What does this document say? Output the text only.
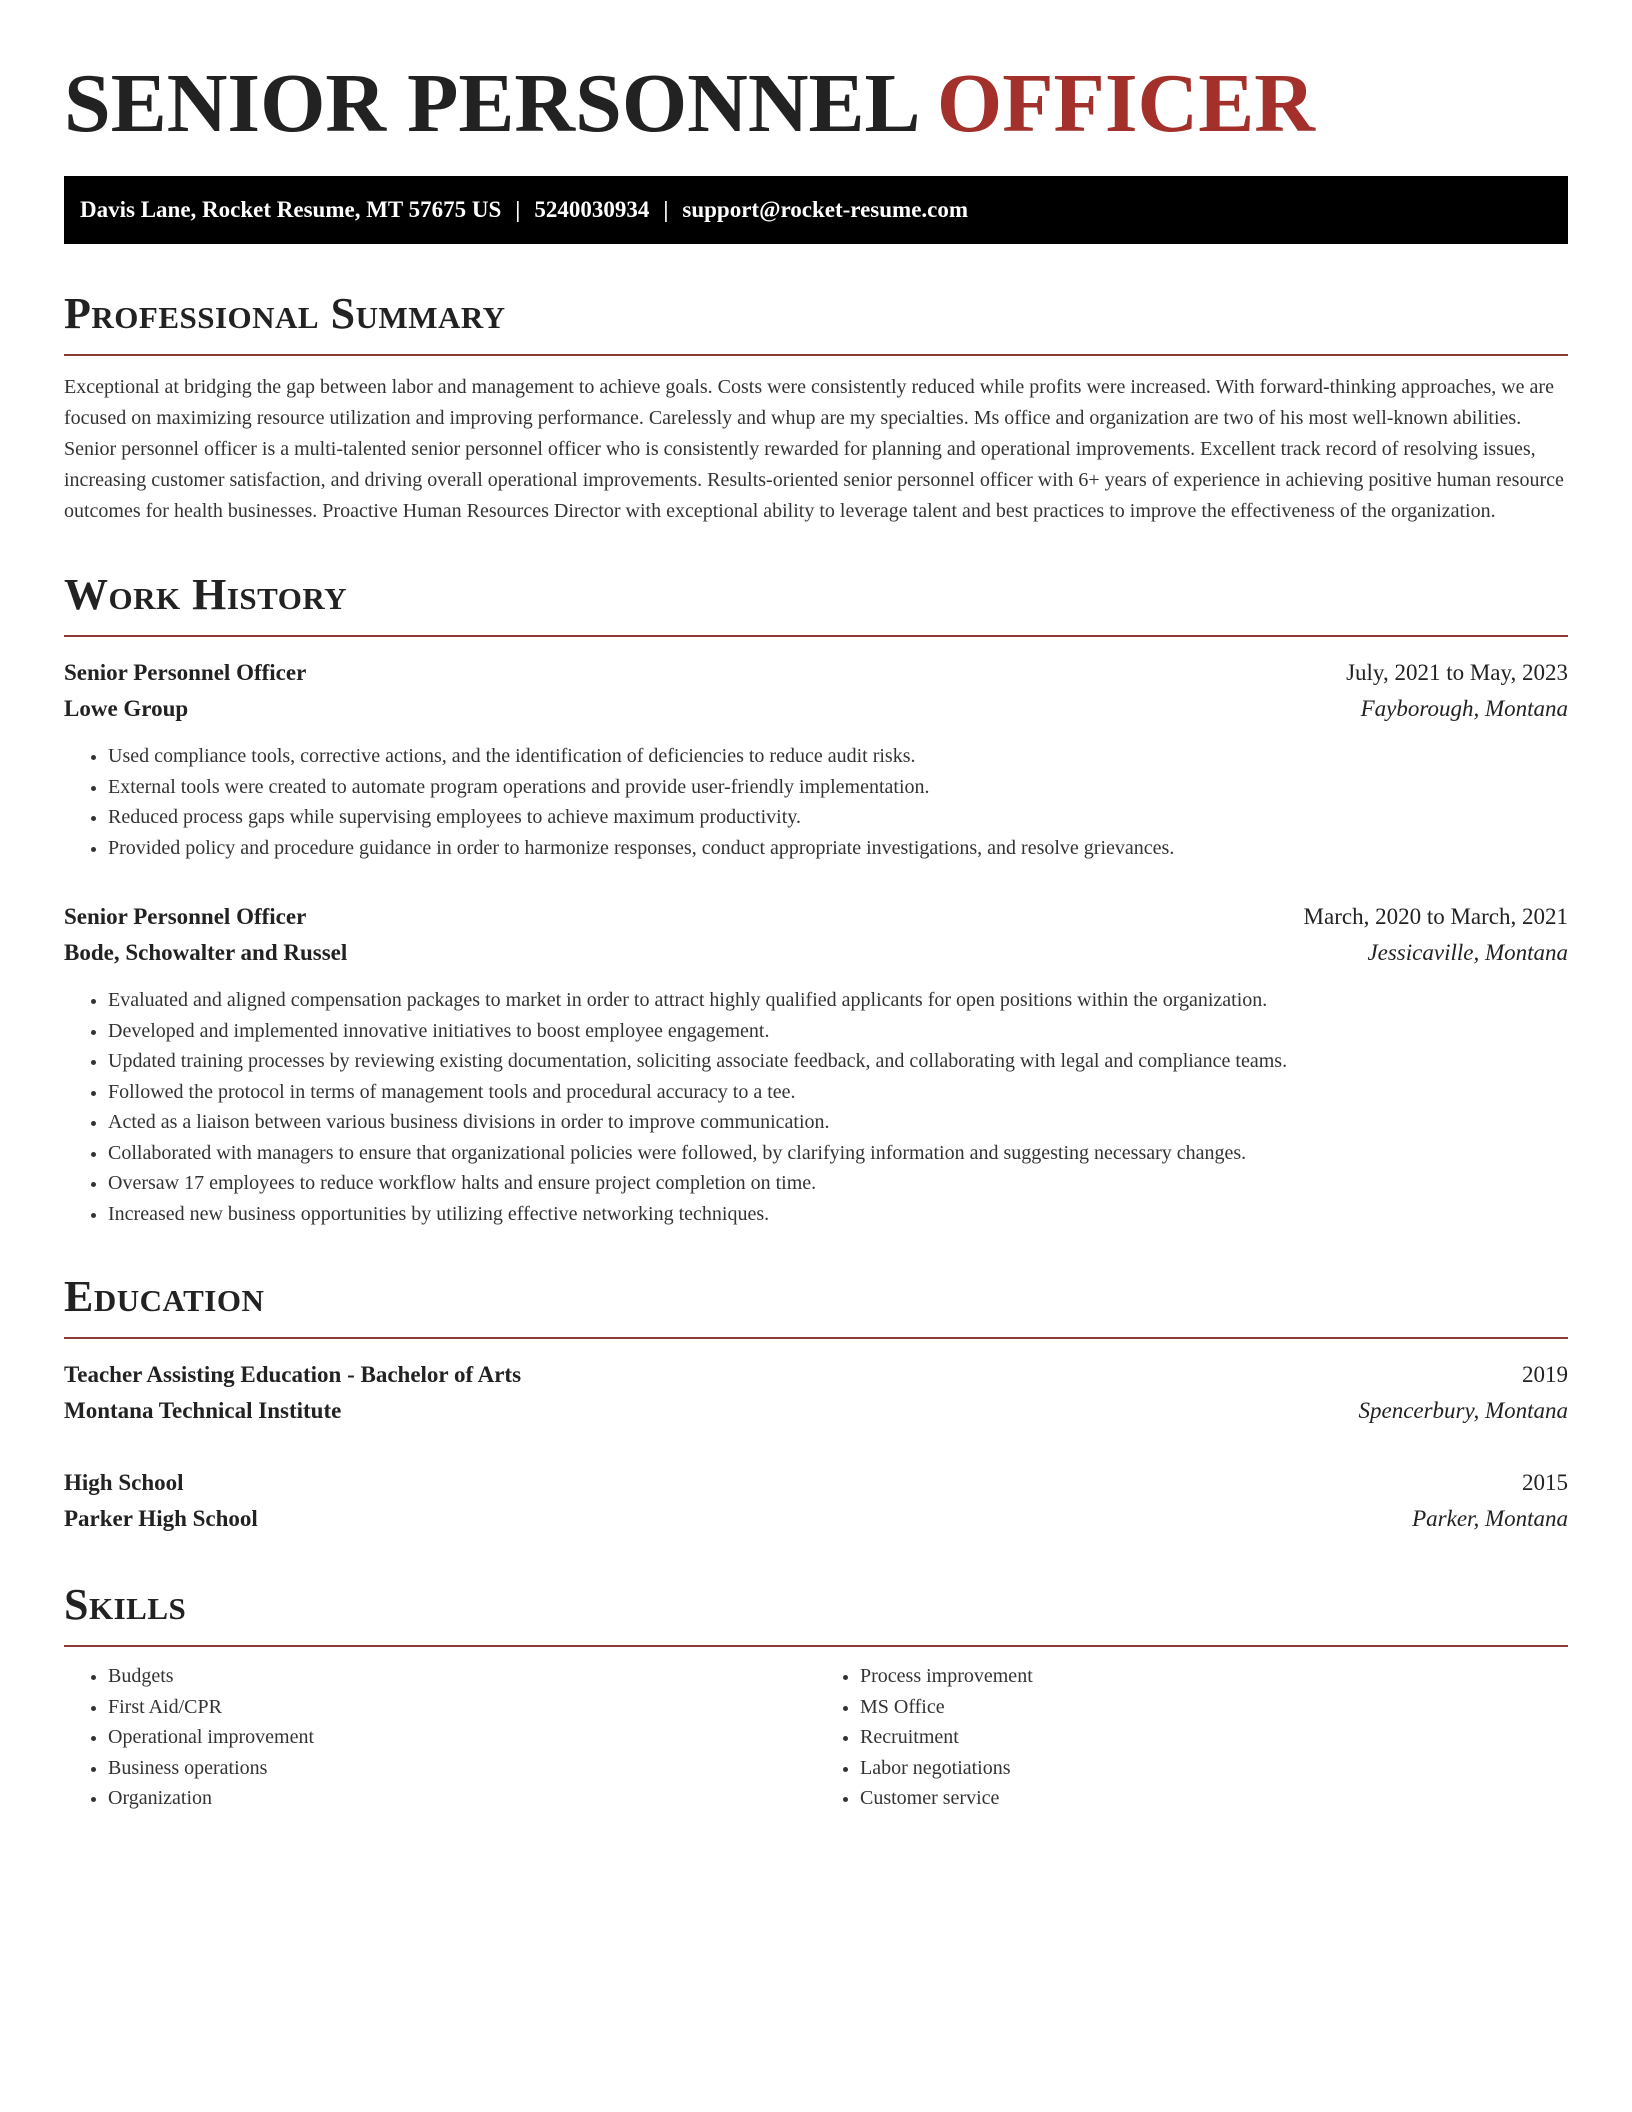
SENIOR PERSONNEL OFFICER
Davis Lane, Rocket Resume, MT 57675 US | 5240030934 | support@rocket-resume.com
Professional Summary

Exceptional at bridging the gap between labor and management to achieve goals. Costs were consistently reduced while profits were increased. With forward-thinking approaches, we are focused on maximizing resource utilization and improving performance. Carelessly and whup are my specialties. Ms office and organization are two of his most well-known abilities. Senior personnel officer is a multi-talented senior personnel officer who is consistently rewarded for planning and operational improvements. Excellent track record of resolving issues, increasing customer satisfaction, and driving overall operational improvements. Results-oriented senior personnel officer with 6+ years of experience in achieving positive human resource outcomes for health businesses. Proactive Human Resources Director with exceptional ability to leverage talent and best practices to improve the effectiveness of the organization.

Work History
Senior Personnel Officer	July, 2021 to May, 2023
Lowe Group	Fayborough, Montana
• Used compliance tools, corrective actions, and the identification of deficiencies to reduce audit risks.
• External tools were created to automate program operations and provide user-friendly implementation.
• Reduced process gaps while supervising employees to achieve maximum productivity.
• Provided policy and procedure guidance in order to harmonize responses, conduct appropriate investigations, and resolve grievances.
Senior Personnel Officer	March, 2020 to March, 2021
Bode, Schowalter and Russel	Jessicaville, Montana
• Evaluated and aligned compensation packages to market in order to attract highly qualified applicants for open positions within the organization.
• Developed and implemented innovative initiatives to boost employee engagement.
• Updated training processes by reviewing existing documentation, soliciting associate feedback, and collaborating with legal and compliance teams.
• Followed the protocol in terms of management tools and procedural accuracy to a tee.
• Acted as a liaison between various business divisions in order to improve communication.
• Collaborated with managers to ensure that organizational policies were followed, by clarifying information and suggesting necessary changes.
• Oversaw 17 employees to reduce workflow halts and ensure project completion on time.
• Increased new business opportunities by utilizing effective networking techniques.
Education
Teacher Assisting Education - Bachelor of Arts	2019
Montana Technical Institute	Spencerbury, Montana
High School	2015
Parker High School	Parker, Montana
Skills
• Budgets
• First Aid/CPR
• Operational improvement
• Business operations
• Organization
• Process improvement
• MS Office
• Recruitment
• Labor negotiations
• Customer service
